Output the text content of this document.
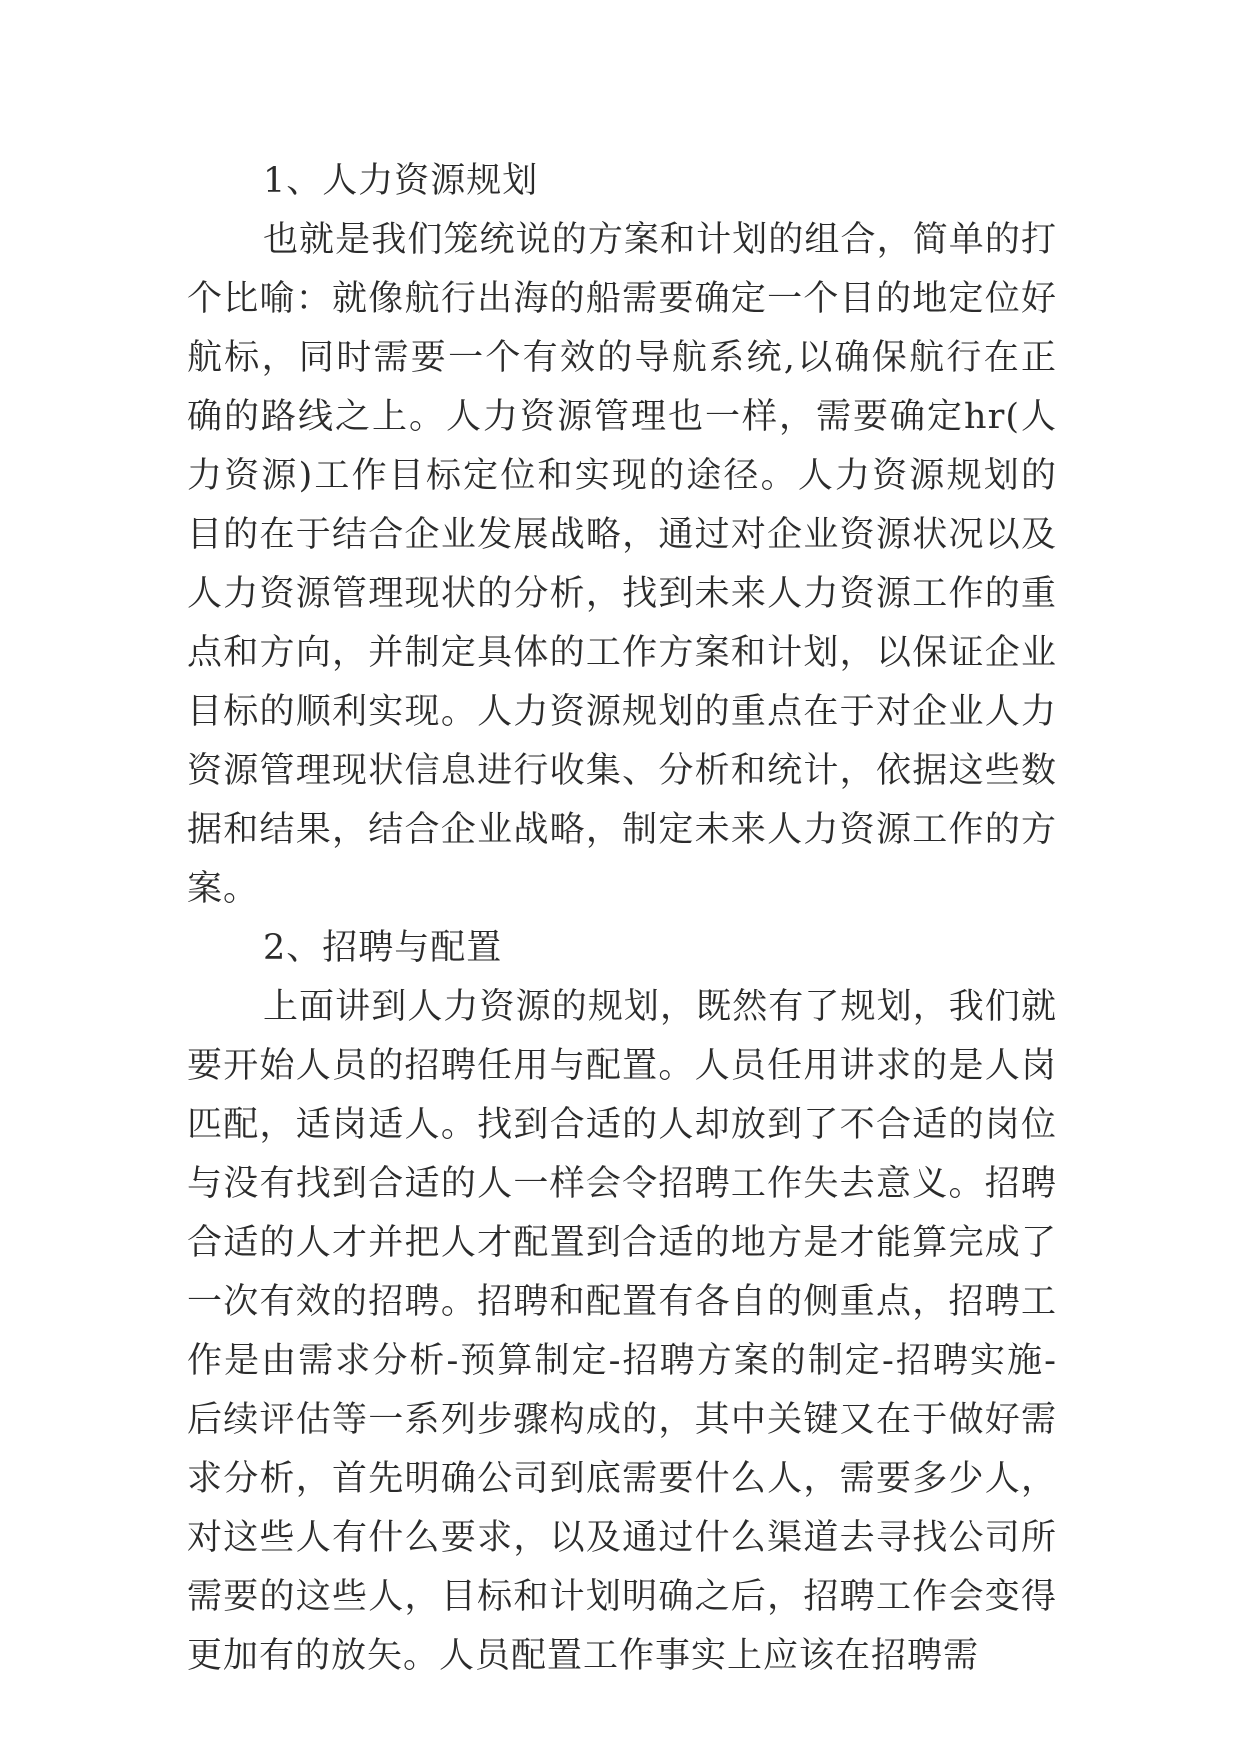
1、人力资源规划

也就是我们笼统说的方案和计划的组合，简单的打个比喻：就像航行出海的船需要确定一个目的地定位好航标，同时需要一个有效的导航系统,以确保航行在正确的路线之上。人力资源管理也一样，需要确定hr(人力资源)工作目标定位和实现的途径。人力资源规划的目的在于结合企业发展战略，通过对企业资源状况以及人力资源管理现状的分析，找到未来人力资源工作的重点和方向，并制定具体的工作方案和计划，以保证企业目标的顺利实现。人力资源规划的重点在于对企业人力资源管理现状信息进行收集、分析和统计，依据这些数据和结果，结合企业战略，制定未来人力资源工作的方案。

2、招聘与配置

上面讲到人力资源的规划，既然有了规划，我们就要开始人员的招聘任用与配置。人员任用讲求的是人岗匹配，适岗适人。找到合适的人却放到了不合适的岗位与没有找到合适的人一样会令招聘工作失去意义。招聘合适的人才并把人才配置到合适的地方是才能算完成了一次有效的招聘。招聘和配置有各自的侧重点，招聘工作是由需求分析-预算制定-招聘方案的制定-招聘实施-后续评估等一系列步骤构成的，其中关键又在于做好需求分析，首先明确公司到底需要什么人，需要多少人，对这些人有什么要求，以及通过什么渠道去寻找公司所需要的这些人，目标和计划明确之后，招聘工作会变得更加有的放矢。人员配置工作事实上应该在招聘需
